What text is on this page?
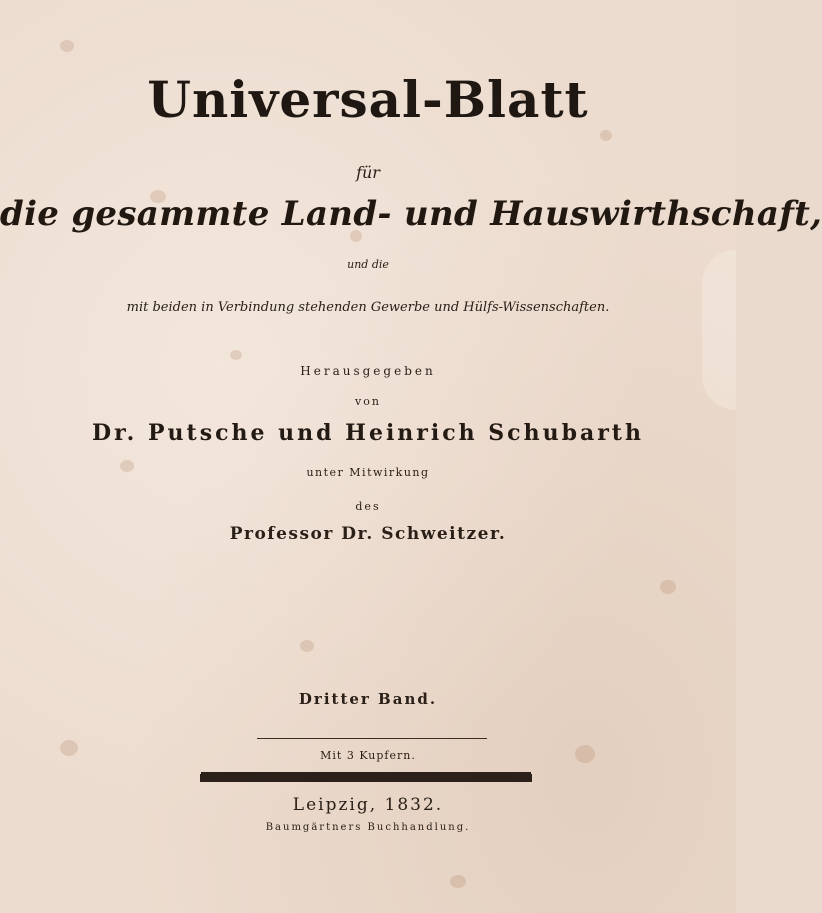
Universal-Blatt
für
die gesammte Land- und Hauswirthschaft,
und die
mit beiden in Verbindung stehenden Gewerbe und Hülfs-Wissenschaften.
Herausgegeben
von
Dr. Putsche und Heinrich Schubarth
unter Mitwirkung
des
Professor Dr. Schweitzer.
Dritter Band.
Mit 3 Kupfern.
Leipzig, 1832.
Baumgärtners Buchhandlung.
